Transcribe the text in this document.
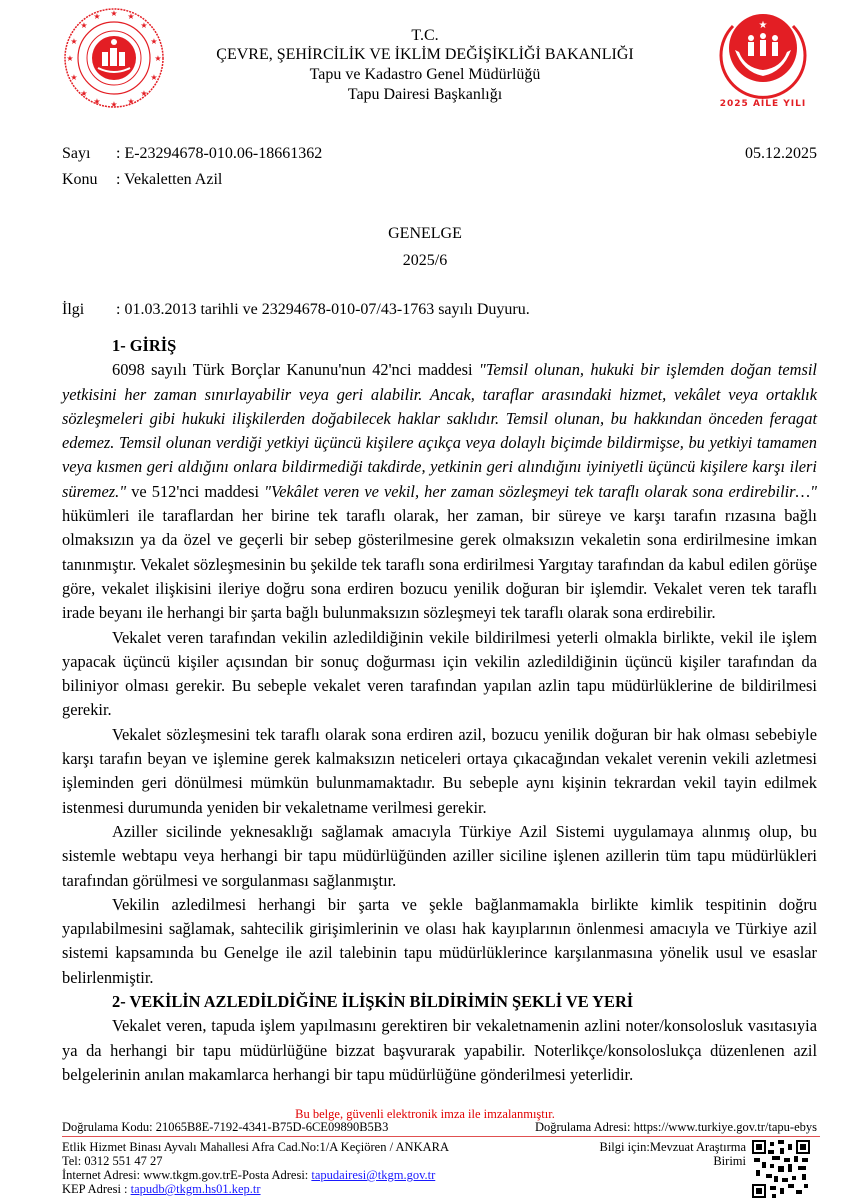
★
★
★	★
★	★
★	★
★	★
★	★
★	★
★	★
T.C.
ÇEVRE, ŞEHİRCİLİK VE İKLİM DEĞİŞİKLİĞİ BAKANLIĞI
Tapu ve Kadastro Genel Müdürlüğü
Tapu Dairesi Başkanlığı
★
2025 AİLE YILI
Sayı : E-23294678-010.06-18661362	05.12.2025
Konu : Vekaletten Azil
GENELGE
2025/6
İlgi : 01.03.2013 tarihli ve 23294678-010-07/43-1763 sayılı Duyuru.
1- GİRİŞ

6098 sayılı Türk Borçlar Kanunu'nun 42'nci maddesi "Temsil olunan, hukuki bir işlemden doğan temsil yetkisini her zaman sınırlayabilir veya geri alabilir. Ancak, taraflar arasındaki hizmet, vekâlet veya ortaklık sözleşmeleri gibi hukuki ilişkilerden doğabilecek haklar saklıdır. Temsil olunan, bu hakkından önceden feragat edemez. Temsil olunan verdiği yetkiyi üçüncü kişilere açıkça veya dolaylı biçimde bildirmişse, bu yetkiyi tamamen veya kısmen geri aldığını onlara bildirmediği takdirde, yetkinin geri alındığını iyiniyetli üçüncü kişilere karşı ileri süremez." ve 512'nci maddesi "Vekâlet veren ve vekil, her zaman sözleşmeyi tek taraflı olarak sona erdirebilir…" hükümleri ile taraflardan her birine tek taraflı olarak, her zaman, bir süreye ve karşı tarafın rızasına bağlı olmaksızın ya da özel ve geçerli bir sebep gösterilmesine gerek olmaksızın vekaletin sona erdirilmesine imkan tanınmıştır. Vekalet sözleşmesinin bu şekilde tek taraflı sona erdirilmesi Yargıtay tarafından da kabul edilen görüşe göre, vekalet ilişkisini ileriye doğru sona erdiren bozucu yenilik doğuran bir işlemdir. Vekalet veren tek taraflı irade beyanı ile herhangi bir şarta bağlı bulunmaksızın sözleşmeyi tek taraflı olarak sona erdirebilir.

Vekalet veren tarafından vekilin azledildiğinin vekile bildirilmesi yeterli olmakla birlikte, vekil ile işlem yapacak üçüncü kişiler açısından bir sonuç doğurması için vekilin azledildiğinin üçüncü kişiler tarafından da biliniyor olması gerekir. Bu sebeple vekalet veren tarafından yapılan azlin tapu müdürlüklerine de bildirilmesi gerekir.

Vekalet sözleşmesini tek taraflı olarak sona erdiren azil, bozucu yenilik doğuran bir hak olması sebebiyle karşı tarafın beyan ve işlemine gerek kalmaksızın neticeleri ortaya çıkacağından vekalet verenin vekili azletmesi işleminden geri dönülmesi mümkün bulunmamaktadır. Bu sebeple aynı kişinin tekrardan vekil tayin edilmek istenmesi durumunda yeniden bir vekaletname verilmesi gerekir.

Aziller sicilinde yeknesaklığı sağlamak amacıyla Türkiye Azil Sistemi uygulamaya alınmış olup, bu sistemle webtapu veya herhangi bir tapu müdürlüğünden aziller siciline işlenen azillerin tüm tapu müdürlükleri tarafından görülmesi ve sorgulanması sağlanmıştır.

Vekilin azledilmesi herhangi bir şarta ve şekle bağlanmamakla birlikte kimlik tespitinin doğru yapılabilmesini sağlamak, sahtecilik girişimlerinin ve olası hak kayıplarının önlenmesi amacıyla ve Türkiye azil sistemi kapsamında bu Genelge ile azil talebinin tapu müdürlüklerince karşılanmasına yönelik usul ve esaslar belirlenmiştir.

2- VEKİLİN AZLEDİLDİĞİNE İLİŞKİN BİLDİRİMİN ŞEKLİ VE YERİ

Vekalet veren, tapuda işlem yapılmasını gerektiren bir vekaletnamenin azlini noter/konsolosluk vasıtasıyia ya da herhangi bir tapu müdürlüğüne bizzat başvurarak yapabilir. Noterlikçe/konsoloslukça düzenlenen azil belgelerinin anılan makamlarca herhangi bir tapu müdürlüğüne gönderilmesi yeterlidir.

Bu belge, güvenli elektronik imza ile imzalanmıştır.
Doğrulama Kodu: 21065B8E-7192-4341-B75D-6CE09890B5B3	Doğrulama Adresi: https://www.turkiye.gov.tr/tapu-ebys
Etlik Hizmet Binası Ayvalı Mahallesi Afra Cad.No:1/A Keçiören / ANKARA
Tel: 0312 551 47 27
İnternet Adresi: www.tkgm.gov.trE-Posta Adresi: tapudairesi@tkgm.gov.tr
KEP Adresi : tapudb@tkgm.hs01.kep.tr
Bilgi için:Mevzuat Araştırma
Birimi
